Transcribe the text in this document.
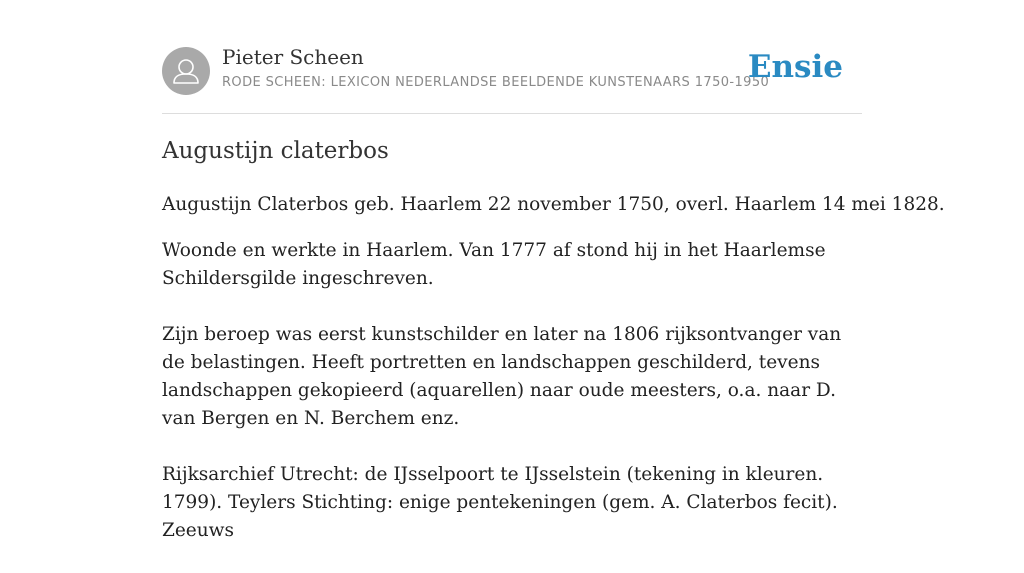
Pieter Scheen
RODE SCHEEN: LEXICON NEDERLANDSE BEELDENDE KUNSTENAARS 1750-1950
Ensie
Augustijn claterbos

Augustijn Claterbos geb. Haarlem 22 november 1750, overl. Haarlem 14 mei 1828.

Woonde en werkte in Haarlem. Van 1777 af stond hij in het Haarlemse Schildersgilde ingeschreven.

Zijn beroep was eerst kunstschilder en later na 1806 rijksontvanger van de belastingen. Heeft portretten en landschappen geschilderd, tevens landschappen gekopieerd (aquarellen) naar oude meesters, o.a. naar D. van Bergen en N. Berchem enz.

Rijksarchief Utrecht: de IJsselpoort te IJsselstein (tekening in kleuren. 1799). Teylers Stichting: enige pentekeningen (gem. A. Claterbos fecit). Zeeuws
